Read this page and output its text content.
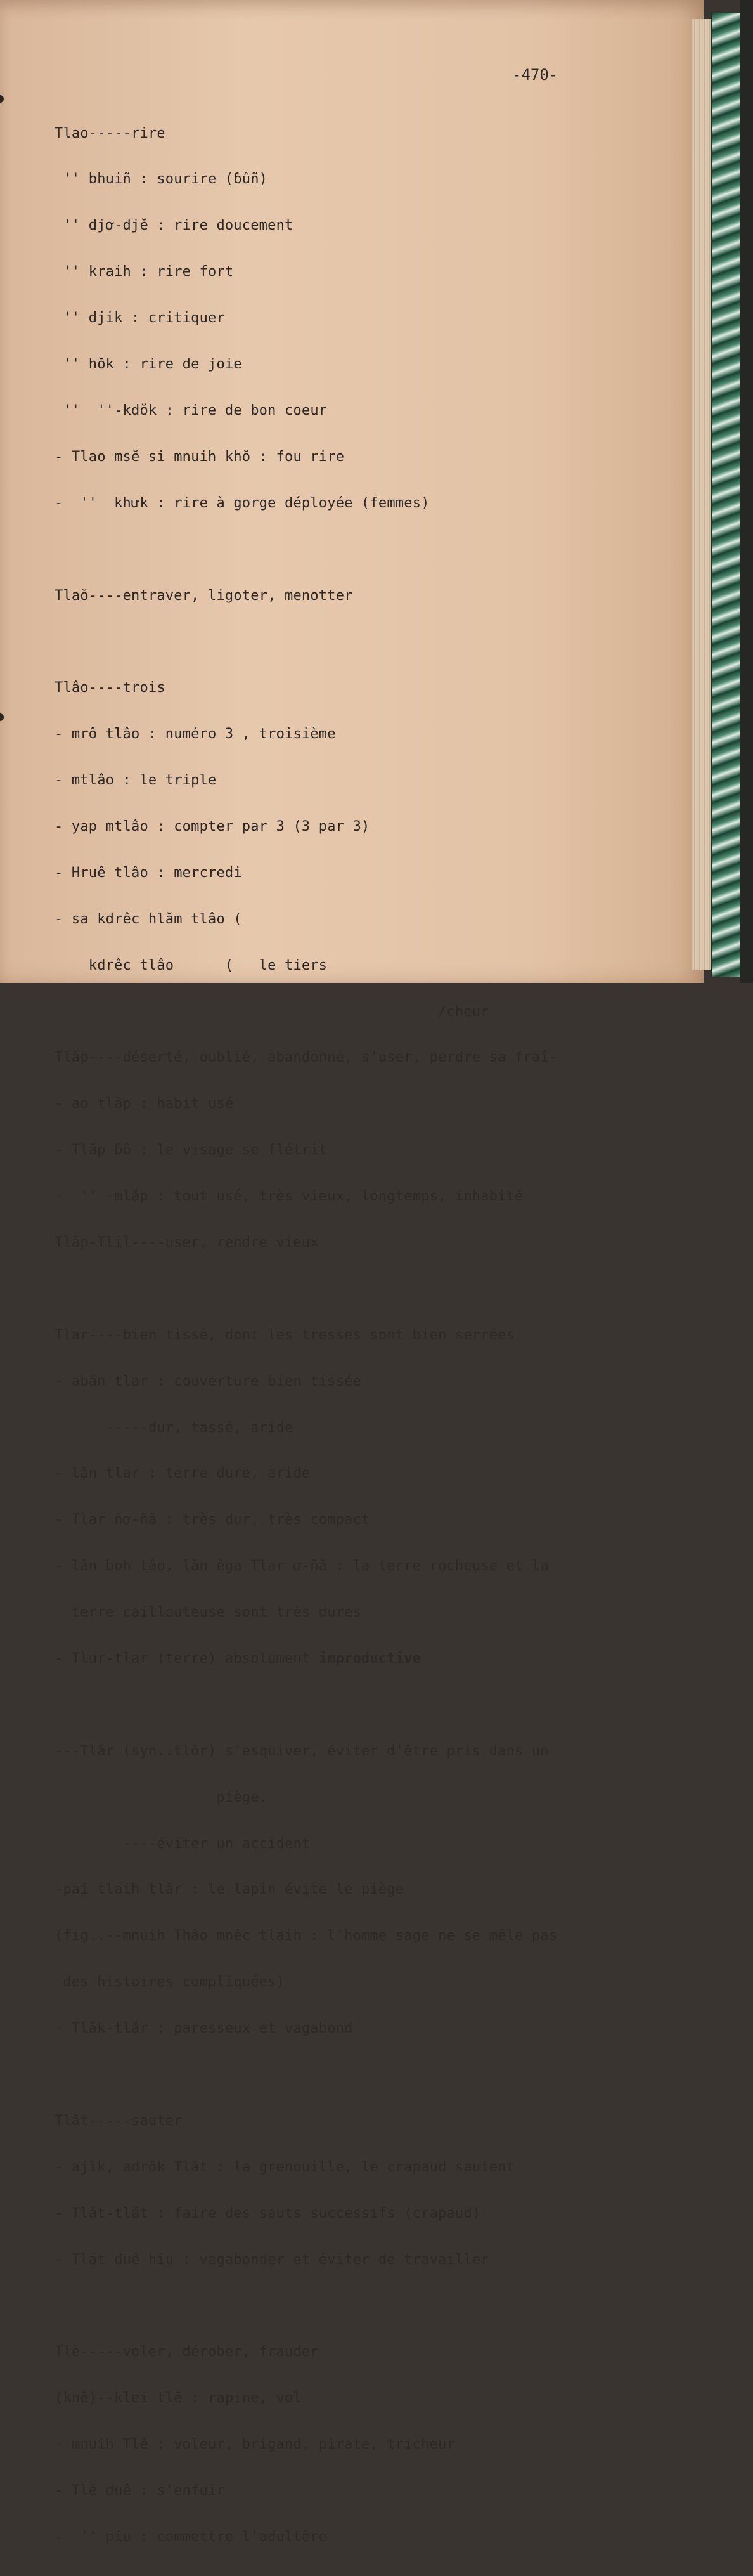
-470-

Tlao-----rire

'' bhuiñ : sourire (ɓûñ)

'' djơ-djĕ : rire doucement

'' kraih : rire fort

'' djik : critiquer

'' hŏk : rire de joie

''  ''-kdŏk : rire de bon coeur

- Tlao msĕ si mnuih khŏ : fou rire

-  ''  khưk : rire à gorge déployée (femmes)

Tlaŏ----entraver, ligoter, menotter

Tlâo----trois

- mrô tlâo : numéro 3 , troisième

- mtlâo : le triple

- yap mtlâo : compter par 3 (3 par 3)

- Hruê tlâo : mercredi

- sa kdrêc hlăm tlâo (

kdrêc tlâo      (   le tiers

/cheur

Tlăp----déserté, oublié, abandonné, s'user, perdre sa fraî-

- ao tlăp : habit usé

- Tlăp ɓô : le visage se flétrit

-  '' -mlăp : tout usé, très vieux, longtemps, inhabité

Tlăp-Tlil----user, rendre vieux

Tlar----bien tissé, dont les tresses sont bien serrées

- abăn tlar : couverture bien tissée

-----dur, tassé, aride

- lăn tlar : terre dure, aride

- Tlar ñơ-ñă : très dur, très compact

- lăn boh tâo, lăn êga Tlar ơ-ñă : la terre rocheuse et la

terre caillouteuse sont très dures

- Tlur-tlar (terre) absolument improductive

---Tlăr (syn..tlŏr) s'esquiver, éviter d'être pris dans un

piège.

----éviter un accident

-pai tlaih tlăr : le lapin évite le piège

(fig..--mnuih Thâo mnêc tlaih : l'homme sage ne se mêle pas

des histoires compliquées)

- Tlăk-tlăr : paresseux et vagabond

Tlăt-----sauter

- ajĭk, adrŏk Tlăt : la grenouille, le crapaud sautent

- Tlăt-tlăt : faire des sauts successifs (crapaud)

- Tlăt đuê hiu : vagabonder et éviter de travailler

Tlĕ-----voler, dérober, frauder

(knĕ)--klei tlĕ : rapine, vol

- mnuih Tlĕ : voleur, brigand, pirate, tricheur

- Tlĕ duê : s'enfuir

-  '' piu : commettre l'adultère
